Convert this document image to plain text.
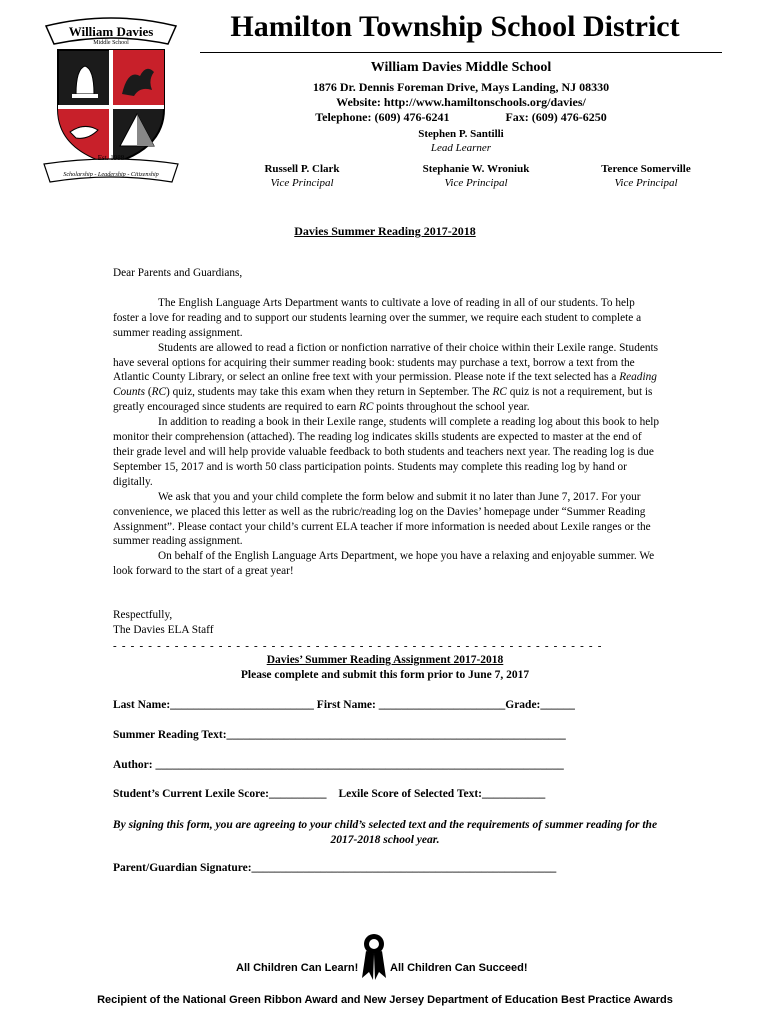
William Davies
Middle School
Scholarship - Leadership - Citizenship
Est. 1988
Hamilton Township School District
William Davies Middle School
1876 Dr. Dennis Foreman Drive, Mays Landing, NJ 08330
Website: http://www.hamiltonschools.org/davies/
Telephone: (609) 476-6241	Fax: (609) 476-6250
Stephen P. Santilli
Lead Learner
Russell P. Clark
Vice Principal
Stephanie W. Wroniuk
Vice Principal
Terence Somerville
Vice Principal
Davies Summer Reading 2017-2018

Dear Parents and Guardians,

The English Language Arts Department wants to cultivate a love of reading in all of our students. To help foster a love for reading and to support our students learning over the summer, we require each student to complete a summer reading assignment.

Students are allowed to read a fiction or nonfiction narrative of their choice within their Lexile range. Students have several options for acquiring their summer reading book: students may purchase a text, borrow a text from the Atlantic County Library, or select an online free text with your permission. Please note if the text selected has a Reading Counts (RC) quiz, students may take this exam when they return in September. The RC quiz is not a requirement, but is greatly encouraged since students are required to earn RC points throughout the school year.

In addition to reading a book in their Lexile range, students will complete a reading log about this book to help monitor their comprehension (attached). The reading log indicates skills students are expected to master at the end of their grade level and will help provide valuable feedback to both students and teachers next year. The reading log is due September 15, 2017 and is worth 50 class participation points. Students may complete this reading log by hand or digitally.

We ask that you and your child complete the form below and submit it no later than June 7, 2017. For your convenience, we placed this letter as well as the rubric/reading log on the Davies’ homepage under “Summer Reading Assignment”. Please contact your child’s current ELA teacher if more information is needed about Lexile ranges or the summer reading assignment.

On behalf of the English Language Arts Department, we hope you have a relaxing and enjoyable summer. We look forward to the start of a great year!

Respectfully,
The Davies ELA Staff
- - - - - - - - - - - - - - - - - - - - - - - - - - - - - - - - - - - - - - - - - - - - - - - - - - - - - - - -
Davies’ Summer Reading Assignment 2017-2018
Please complete and submit this form prior to June 7, 2017
Last Name:_________________________ First Name: ______________________Grade:______
Summer Reading Text:___________________________________________________________
Author: _______________________________________________________________________
Student’s Current Lexile Score:__________ Lexile Score of Selected Text:___________
By signing this form, you are agreeing to your child’s selected text and the requirements of summer reading for the 2017-2018 school year.
Parent/Guardian Signature:_____________________________________________________
All Children Can Learn!	All Children Can Succeed!
Recipient of the National Green Ribbon Award and New Jersey Department of Education Best Practice Awards
